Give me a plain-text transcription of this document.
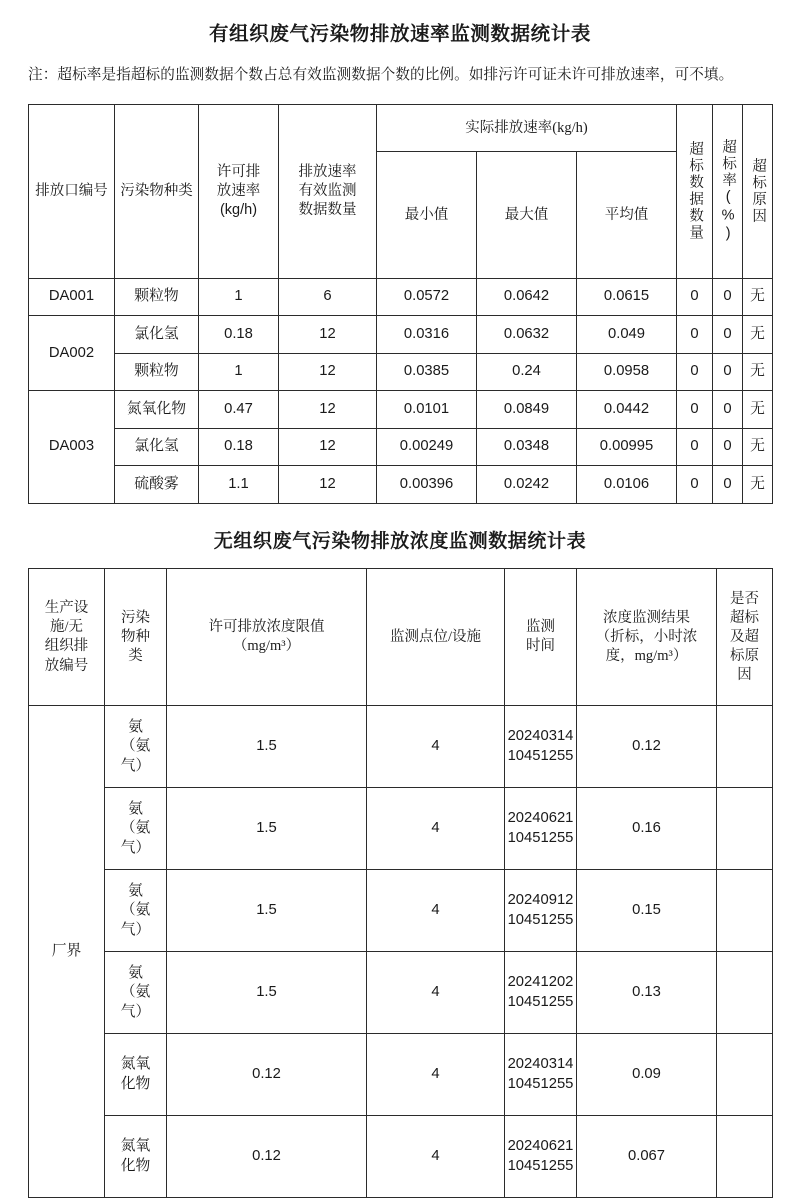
有组织废气污染物排放速率监测数据统计表

注：超标率是指超标的监测数据个数占总有效监测数据个数的比例。如排污许可证未许可排放速率，可不填。

排放口编号	污染物种类	许可排
放速率
(kg/h)	排放速率
有效监测
数据数量	实际排放速率(kg/h)			超标数据数量	超标率(%)	超标原因

				最小值	最大值	平均值			
DA001	颗粒物	1	6	0.0572	0.0642	0.0615	0	0	无
DA002	氯化氢	0.18	12	0.0316	0.0632	0.049	0	0	无
	颗粒物	1	12	0.0385	0.24	0.0958	0	0	无
DA003	氮氧化物	0.47	12	0.0101	0.0849	0.0442	0	0	无
	氯化氢	0.18	12	0.00249	0.0348	0.00995	0	0	无
	硫酸雾	1.1	12	0.00396	0.0242	0.0106	0	0	无
无组织废气污染物排放浓度监测数据统计表
生产设
施/无
组织排
放编号	污染
物种
类	许可排放浓度限值
（mg/m³）	监测点位/设施	监测
时间	浓度监测结果
（折标，小时浓
度，mg/m³）	是否
超标
及超
标原
因

厂界	氨
（氨
气）	1.5	4	20240314
10451255	0.12	

	氨
（氨
气）	1.5	4	20240621
10451255	0.16	

	氨
（氨
气）	1.5	4	20240912
10451255	0.15	

	氨
（氨
气）	1.5	4	20241202
10451255	0.13	

	氮氧
化物	0.12	4	20240314
10451255	0.09	

	氮氧
化物	0.12	4	20240621
10451255	0.067	
